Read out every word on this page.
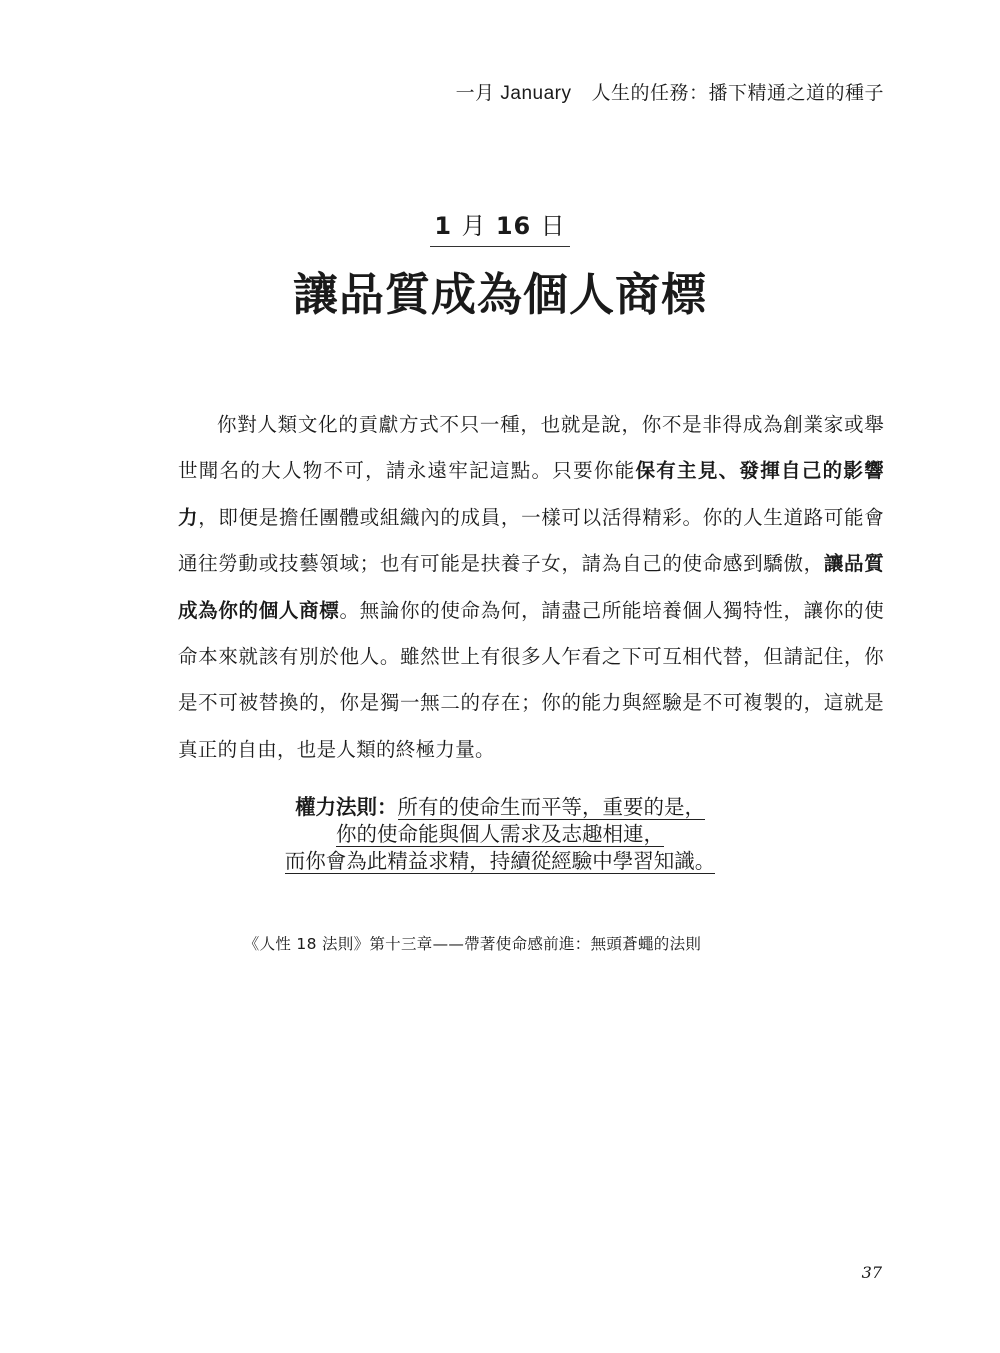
一月 January 人生的任務：播下精通之道的種子
1 月 16 日
讓品質成為個人商標
你對人類文化的貢獻方式不只一種，也就是說，你不是非得成為創業家或舉世聞名的大人物不可，請永遠牢記這點。只要你能保有主見、發揮自己的影響力，即便是擔任團體或組織內的成員，一樣可以活得精彩。你的人生道路可能會通往勞動或技藝領域；也有可能是扶養子女，請為自己的使命感到驕傲，讓品質成為你的個人商標。無論你的使命為何，請盡己所能培養個人獨特性，讓你的使命本來就該有別於他人。雖然世上有很多人乍看之下可互相代替，但請記住，你是不可被替換的，你是獨一無二的存在；你的能力與經驗是不可複製的，這就是真正的自由，也是人類的終極力量。
權力法則：所有的使命生而平等，重要的是，
你的使命能與個人需求及志趣相連，
而你會為此精益求精，持續從經驗中學習知識。
《人性 18 法則》第十三章——帶著使命感前進：無頭蒼蠅的法則
37
